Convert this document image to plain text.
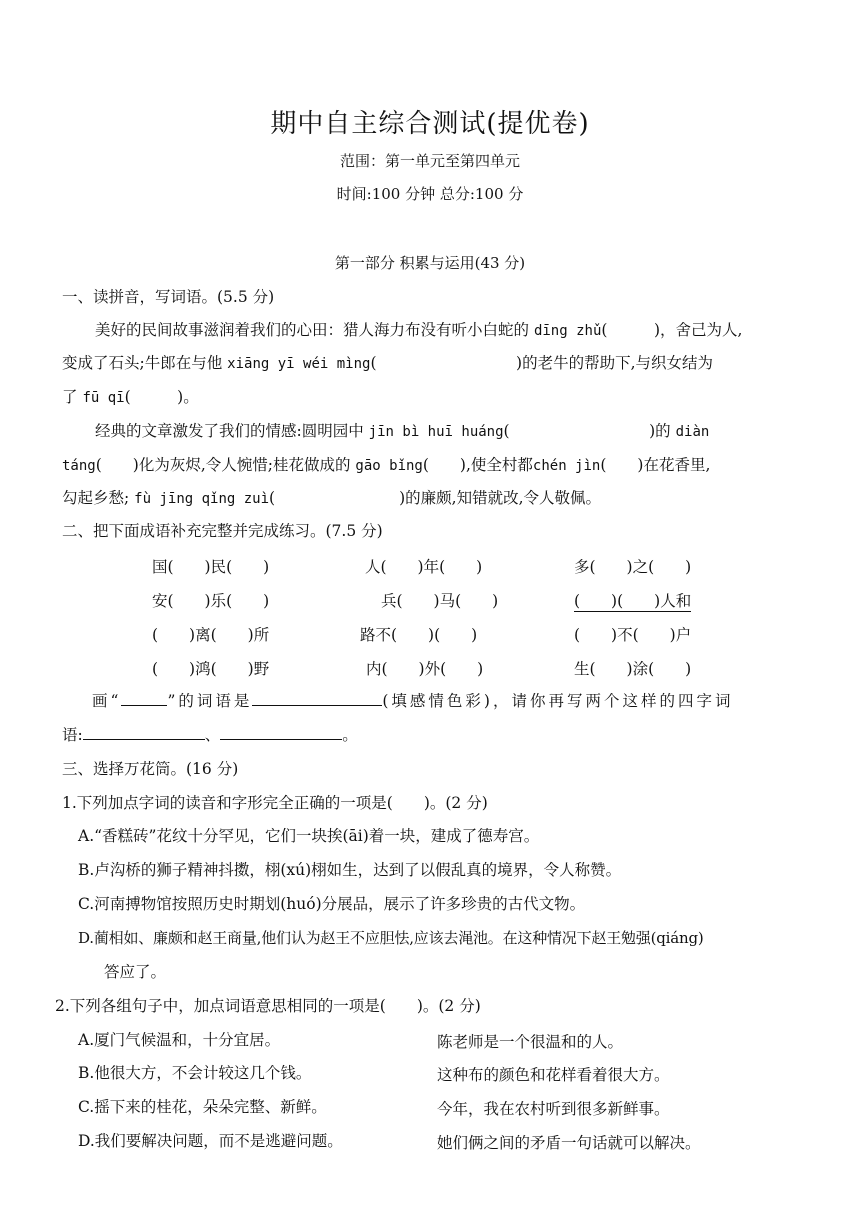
期中自主综合测试(提优卷)
范围：第一单元至第四单元
时间:100 分钟 总分:100 分
第一部分 积累与运用(43 分)
一、读拼音，写词语。(5.5 分)
美好的民间故事滋润着我们的心田：猎人海力布没有听小白蛇的 dīng zhǔ(　　　)，舍己为人,
变成了石头;牛郎在与他 xiāng yī wéi mìng(　　　　　　　　　)的老牛的帮助下,与织女结为
了 fū qī(　　　)。
经典的文章激发了我们的情感:圆明园中 jīn bì huī huáng(　　　　　　　　　)的 diàn
táng(　　)化为灰烬,令人惋惜;桂花做成的 gāo bǐng(　　),使全村都chén jìn(　　)在花香里,
勾起乡愁; fù jīng qǐng zuì(　　　　　　　　)的廉颇,知错就改,令人敬佩。
二、把下面成语补充完整并完成练习。(7.5 分)
国(　　)民(　　)	人(　　)年(　　)	多(　　)之(　　)
安(　　)乐(　　)	兵(　　)马(　　)	(　　)(　　)人和
(　　)离(　　)所	路不(　　)(　　)	(　　)不(　　)户
(　　)鸿(　　)野	内(　　)外(　　)	生(　　)涂(　　)
画“	”的词语是	(填感情色彩)，请你再写两个这样的四字词
语:	、	。
三、选择万花筒。(16 分)
1.下列加点字词的读音和字形完全正确的一项是(　　)。(2 分)
A.“香糕砖”花纹十分罕见，它们一块挨(āi)着一块，建成了德寿宫。
B.卢沟桥的狮子精神抖擞，栩(xú)栩如生，达到了以假乱真的境界，令人称赞。
C.河南搏物馆按照历史时期划(huó)分展品，展示了许多珍贵的古代文物。
D.蔺相如、廉颇和赵王商量,他们认为赵王不应胆怯,应该去渑池。在这种情况下赵王勉强(qiáng)
答应了。
2.下列各组句子中，加点词语意思相同的一项是(　　)。(2 分)
A.厦门气候温和，十分宜居。	陈老师是一个很温和的人。
B.他很大方，不会计较这几个钱。	这种布的颜色和花样看着很大方。
C.摇下来的桂花，朵朵完整、新鲜。	今年，我在农村听到很多新鲜事。
D.我们要解决问题，而不是逃避问题。	她们俩之间的矛盾一句话就可以解决。
